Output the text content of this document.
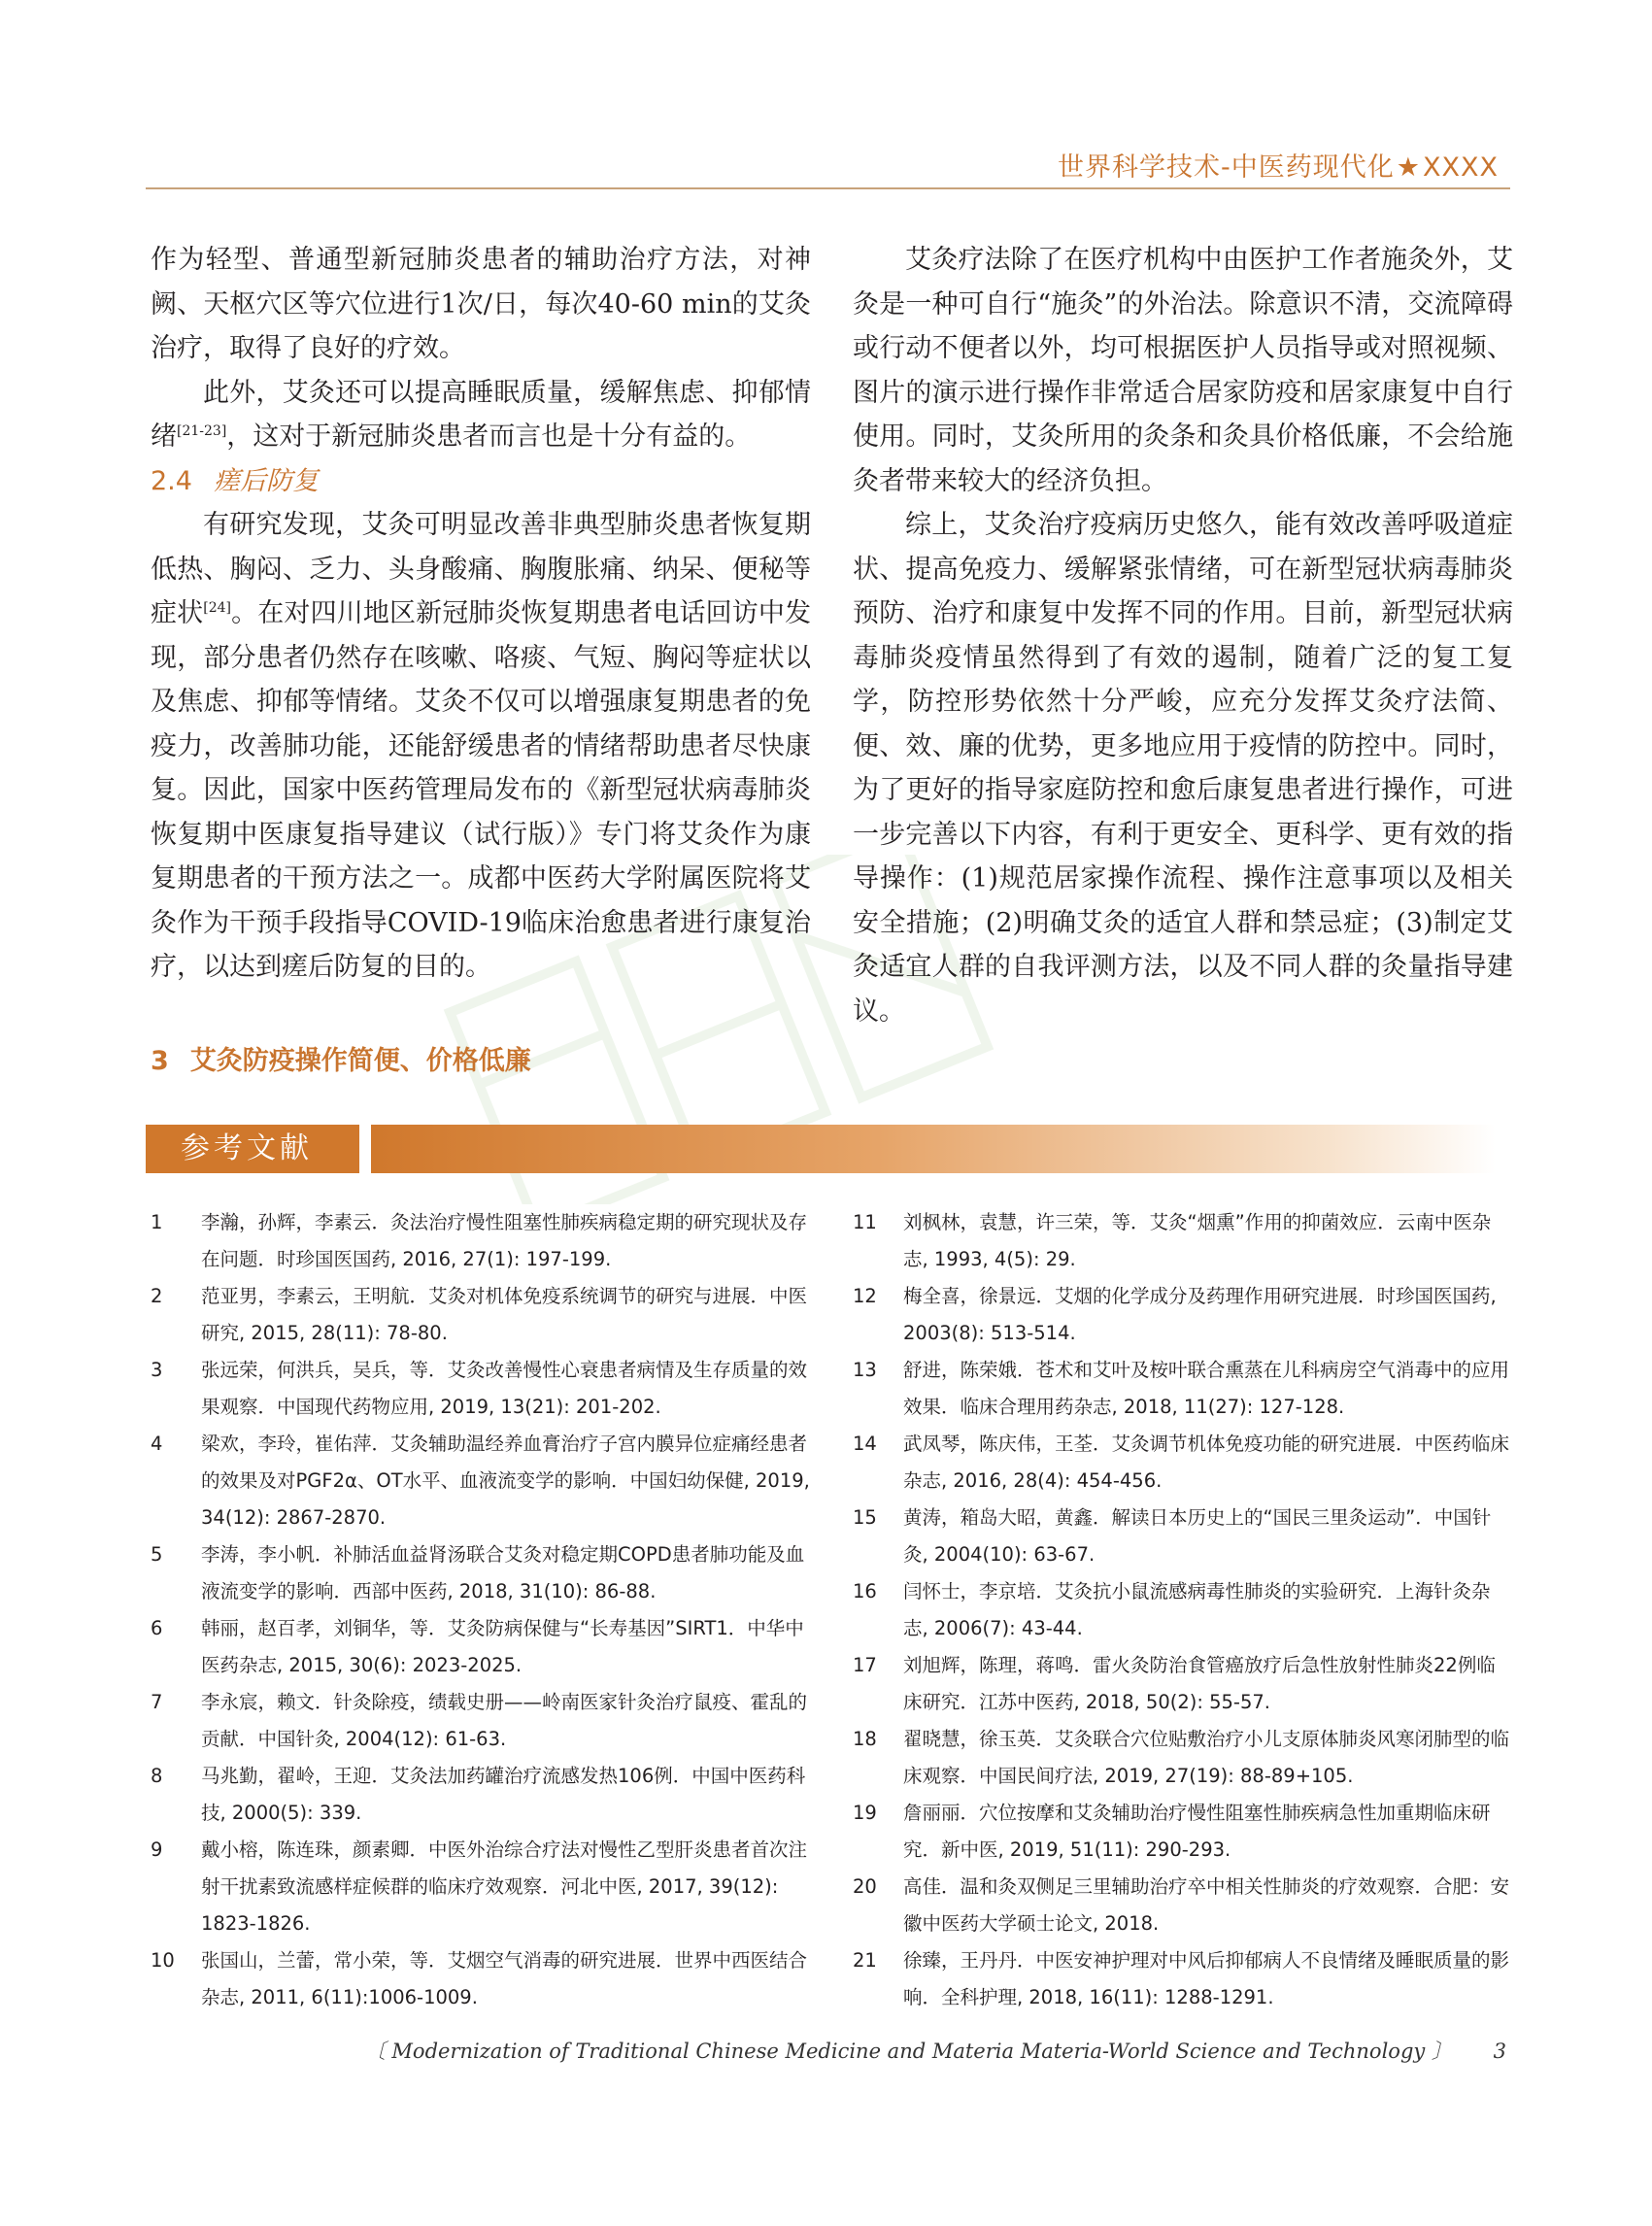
世界科学技术-中医药现代化★XXXX

作为轻型、普通型新冠肺炎患者的辅助治疗方法，对神阙、天枢穴区等穴位进行1次/日，每次40-60 min的艾灸治疗，取得了良好的疗效。

此外，艾灸还可以提高睡眠质量，缓解焦虑、抑郁情绪[21-23]，这对于新冠肺炎患者而言也是十分有益的。

2.4 瘥后防复

有研究发现，艾灸可明显改善非典型肺炎患者恢复期低热、胸闷、乏力、头身酸痛、胸腹胀痛、纳呆、便秘等症状[24]。在对四川地区新冠肺炎恢复期患者电话回访中发现，部分患者仍然存在咳嗽、咯痰、气短、胸闷等症状以及焦虑、抑郁等情绪。艾灸不仅可以增强康复期患者的免疫力，改善肺功能，还能舒缓患者的情绪帮助患者尽快康复。因此，国家中医药管理局发布的《新型冠状病毒肺炎恢复期中医康复指导建议（试行版）》专门将艾灸作为康复期患者的干预方法之一。成都中医药大学附属医院将艾灸作为干预手段指导COVID-19临床治愈患者进行康复治疗，以达到瘥后防复的目的。

3 艾灸防疫操作简便、价格低廉

艾灸疗法除了在医疗机构中由医护工作者施灸外，艾灸是一种可自行“施灸”的外治法。除意识不清，交流障碍或行动不便者以外，均可根据医护人员指导或对照视频、图片的演示进行操作非常适合居家防疫和居家康复中自行使用。同时，艾灸所用的灸条和灸具价格低廉，不会给施灸者带来较大的经济负担。

综上，艾灸治疗疫病历史悠久，能有效改善呼吸道症状、提高免疫力、缓解紧张情绪，可在新型冠状病毒肺炎预防、治疗和康复中发挥不同的作用。目前，新型冠状病毒肺炎疫情虽然得到了有效的遏制，随着广泛的复工复学，防控形势依然十分严峻，应充分发挥艾灸疗法简、便、效、廉的优势，更多地应用于疫情的防控中。同时，为了更好的指导家庭防控和愈后康复患者进行操作，可进一步完善以下内容，有利于更安全、更科学、更有效的指导操作：(1)规范居家操作流程、操作注意事项以及相关安全措施；(2)明确艾灸的适宜人群和禁忌症；(3)制定艾灸适宜人群的自我评测方法，以及不同人群的灸量指导建议。

参考文献
1 李瀚，孙辉，李素云．灸法治疗慢性阻塞性肺疾病稳定期的研究现状及存在问题．时珍国医国药, 2016, 27(1): 197-199.
2 范亚男，李素云，王明航．艾灸对机体免疫系统调节的研究与进展．中医研究, 2015, 28(11): 78-80.
3 张远荣，何洪兵，吴兵，等．艾灸改善慢性心衰患者病情及生存质量的效果观察．中国现代药物应用, 2019, 13(21): 201-202.
4 梁欢，李玲，崔佑萍．艾灸辅助温经养血膏治疗子宫内膜异位症痛经患者的效果及对PGF2α、OT水平、血液流变学的影响．中国妇幼保健, 2019, 34(12): 2867-2870.
5 李涛，李小帆．补肺活血益肾汤联合艾灸对稳定期COPD患者肺功能及血液流变学的影响．西部中医药, 2018, 31(10): 86-88.
6 韩丽，赵百孝，刘铜华，等．艾灸防病保健与“长寿基因”SIRT1．中华中医药杂志, 2015, 30(6): 2023-2025.
7 李永宸，赖文．针灸除疫，绩载史册——岭南医家针灸治疗鼠疫、霍乱的贡献．中国针灸, 2004(12): 61-63.
8 马兆勤，翟岭，王迎．艾灸法加药罐治疗流感发热106例．中国中医药科技, 2000(5): 339.
9 戴小榕，陈连珠，颜素卿．中医外治综合疗法对慢性乙型肝炎患者首次注射干扰素致流感样症候群的临床疗效观察．河北中医, 2017, 39(12): 1823-1826.
10 张国山，兰蕾，常小荣，等．艾烟空气消毒的研究进展．世界中西医结合杂志, 2011, 6(11):1006-1009.
11 刘枫林，袁慧，许三荣，等．艾灸“烟熏”作用的抑菌效应．云南中医杂志, 1993, 4(5): 29.
12 梅全喜，徐景远．艾烟的化学成分及药理作用研究进展．时珍国医国药, 2003(8): 513-514.
13 舒进，陈荣娥．苍术和艾叶及桉叶联合熏蒸在儿科病房空气消毒中的应用效果．临床合理用药杂志, 2018, 11(27): 127-128.
14 武凤琴，陈庆伟，王荃．艾灸调节机体免疫功能的研究进展．中医药临床杂志, 2016, 28(4): 454-456.
15 黄涛，箱岛大昭，黄鑫．解读日本历史上的“国民三里灸运动”．中国针灸, 2004(10): 63-67.
16 闫怀士，李京培．艾灸抗小鼠流感病毒性肺炎的实验研究．上海针灸杂志, 2006(7): 43-44.
17 刘旭辉，陈理，蒋鸣．雷火灸防治食管癌放疗后急性放射性肺炎22例临床研究．江苏中医药, 2018, 50(2): 55-57.
18 翟晓慧，徐玉英．艾灸联合穴位贴敷治疗小儿支原体肺炎风寒闭肺型的临床观察．中国民间疗法, 2019, 27(19): 88-89+105.
19 詹丽丽．穴位按摩和艾灸辅助治疗慢性阻塞性肺疾病急性加重期临床研究．新中医, 2019, 51(11): 290-293.
20 高佳．温和灸双侧足三里辅助治疗卒中相关性肺炎的疗效观察．合肥：安徽中医药大学硕士论文, 2018.
21 徐臻，王丹丹．中医安神护理对中风后抑郁病人不良情绪及睡眠质量的影响．全科护理, 2018, 16(11): 1288-1291.
〔 Modernization of Traditional Chinese Medicine and Materia Materia-World Science and Technology 〕 3
